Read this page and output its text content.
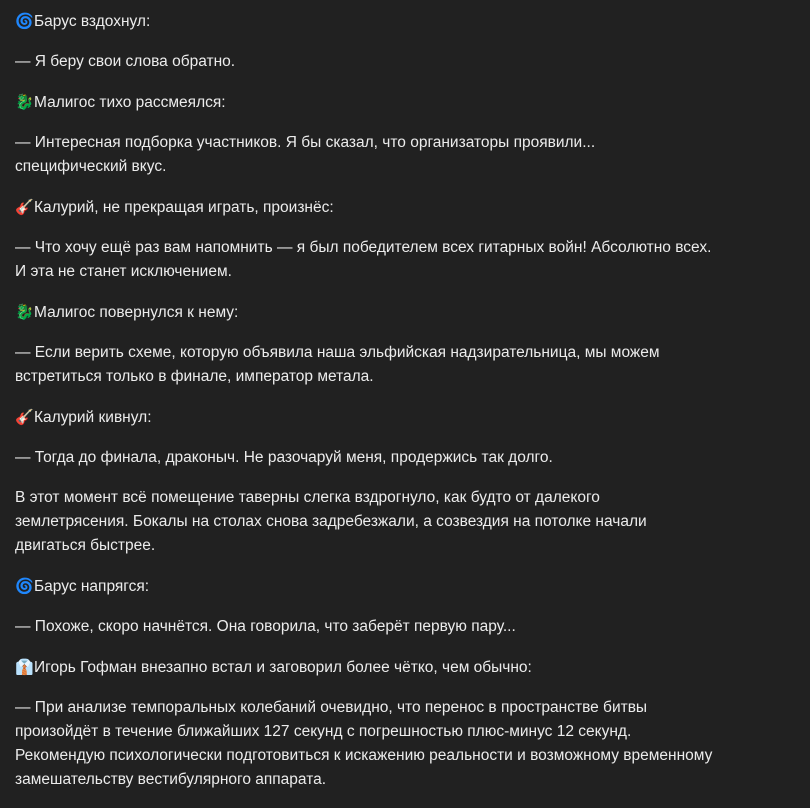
🌀Барус вздохнул:

— Я беру свои слова обратно.

🐉Малигос тихо рассмеялся:

— Интересная подборка участников. Я бы сказал, что организаторы проявили...
специфический вкус.

🎸Калурий, не прекращая играть, произнёс:

— Что хочу ещё раз вам напомнить — я был победителем всех гитарных войн! Абсолютно всех.
И эта не станет исключением.

🐉Малигос повернулся к нему:

— Если верить схеме, которую объявила наша эльфийская надзирательница, мы можем
встретиться только в финале, император метала.

🎸Калурий кивнул:

— Тогда до финала, драконыч. Не разочаруй меня, продержись так долго.

В этот момент всё помещение таверны слегка вздрогнуло, как будто от далекого
землетрясения. Бокалы на столах снова задребезжали, а созвездия на потолке начали
двигаться быстрее.

🌀Барус напрягся:

— Похоже, скоро начнётся. Она говорила, что заберёт первую пару...

👔Игорь Гофман внезапно встал и заговорил более чётко, чем обычно:

— При анализе темпоральных колебаний очевидно, что перенос в пространстве битвы
произойдёт в течение ближайших 127 секунд с погрешностью плюс-минус 12 секунд.
Рекомендую психологически подготовиться к искажению реальности и возможному временному
замешательству вестибулярного аппарата.
